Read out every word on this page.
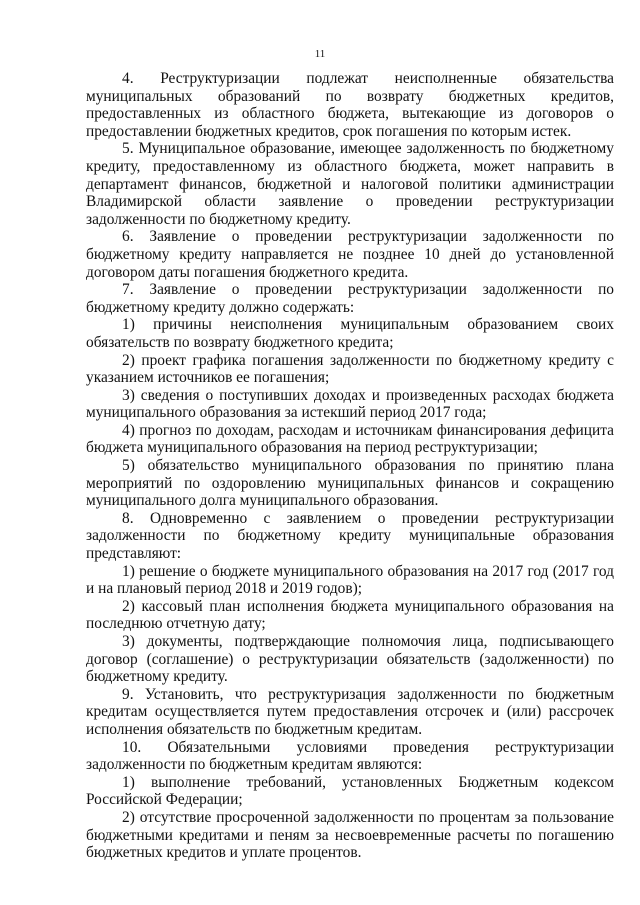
11

4. Реструктуризации подлежат неисполненные обязательства муниципальных образований по возврату бюджетных кредитов, предоставленных из областного бюджета, вытекающие из договоров о предоставлении бюджетных кредитов, срок погашения по которым истек.

5. Муниципальное образование, имеющее задолженность по бюджетному кредиту, предоставленному из областного бюджета, может направить в департамент финансов, бюджетной и налоговой политики администрации Владимирской области заявление о проведении реструктуризации задолженности по бюджетному кредиту.

6. Заявление о проведении реструктуризации задолженности по бюджетному кредиту направляется не позднее 10 дней до установленной договором даты погашения бюджетного кредита.

7. Заявление о проведении реструктуризации задолженности по бюджетному кредиту должно содержать:

1) причины неисполнения муниципальным образованием своих обязательств по возврату бюджетного кредита;

2) проект графика погашения задолженности по бюджетному кредиту с указанием источников ее погашения;

3) сведения о поступивших доходах и произведенных расходах бюджета муниципального образования за истекший период 2017 года;

4) прогноз по доходам, расходам и источникам финансирования дефицита бюджета муниципального образования на период реструктуризации;

5) обязательство муниципального образования по принятию плана мероприятий по оздоровлению муниципальных финансов и сокращению муниципального долга муниципального образования.

8. Одновременно с заявлением о проведении реструктуризации задолженности по бюджетному кредиту муниципальные образования представляют:

1) решение о бюджете муниципального образования на 2017 год (2017 год и на плановый период 2018 и 2019 годов);

2) кассовый план исполнения бюджета муниципального образования на последнюю отчетную дату;

3) документы, подтверждающие полномочия лица, подписывающего договор (соглашение) о реструктуризации обязательств (задолженности) по бюджетному кредиту.

9. Установить, что реструктуризация задолженности по бюджетным кредитам осуществляется путем предоставления отсрочек и (или) рассрочек исполнения обязательств по бюджетным кредитам.

10. Обязательными условиями проведения реструктуризации задолженности по бюджетным кредитам являются:

1) выполнение требований, установленных Бюджетным кодексом Российской Федерации;

2) отсутствие просроченной задолженности по процентам за пользование бюджетными кредитами и пеням за несвоевременные расчеты по погашению бюджетных кредитов и уплате процентов.
